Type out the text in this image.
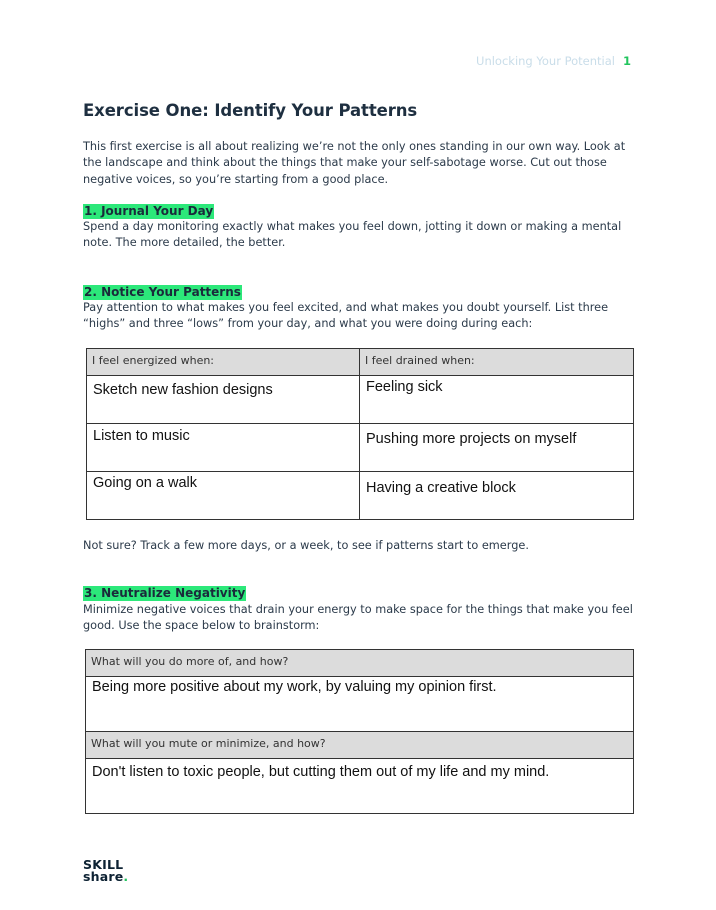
Unlocking Your Potential 1
Exercise One: Identify Your Patterns

This first exercise is all about realizing we’re not the only ones standing in our own way. Look at the landscape and think about the things that make your self-sabotage worse. Cut out those negative voices, so you’re starting from a good place.

1. Journal Your Day

Spend a day monitoring exactly what makes you feel down, jotting it down or making a mental note. The more detailed, the better.

2. Notice Your Patterns

Pay attention to what makes you feel excited, and what makes you doubt yourself. List three “highs” and three “lows” from your day, and what you were doing during each:

I feel energized when:	I feel drained when:
Sketch new fashion designs	Feeling sick
Listen to music	Pushing more projects on myself
Going on a walk	Having a creative block

Not sure? Track a few more days, or a week, to see if patterns start to emerge.

3. Neutralize Negativity

Minimize negative voices that drain your energy to make space for the things that make you feel good. Use the space below to brainstorm:

What will you do more of, and how?
Being more positive about my work, by valuing my opinion first.
What will you mute or minimize, and how?
Don't listen to toxic people, but cutting them out of my life and my mind.
SKILL
share.
